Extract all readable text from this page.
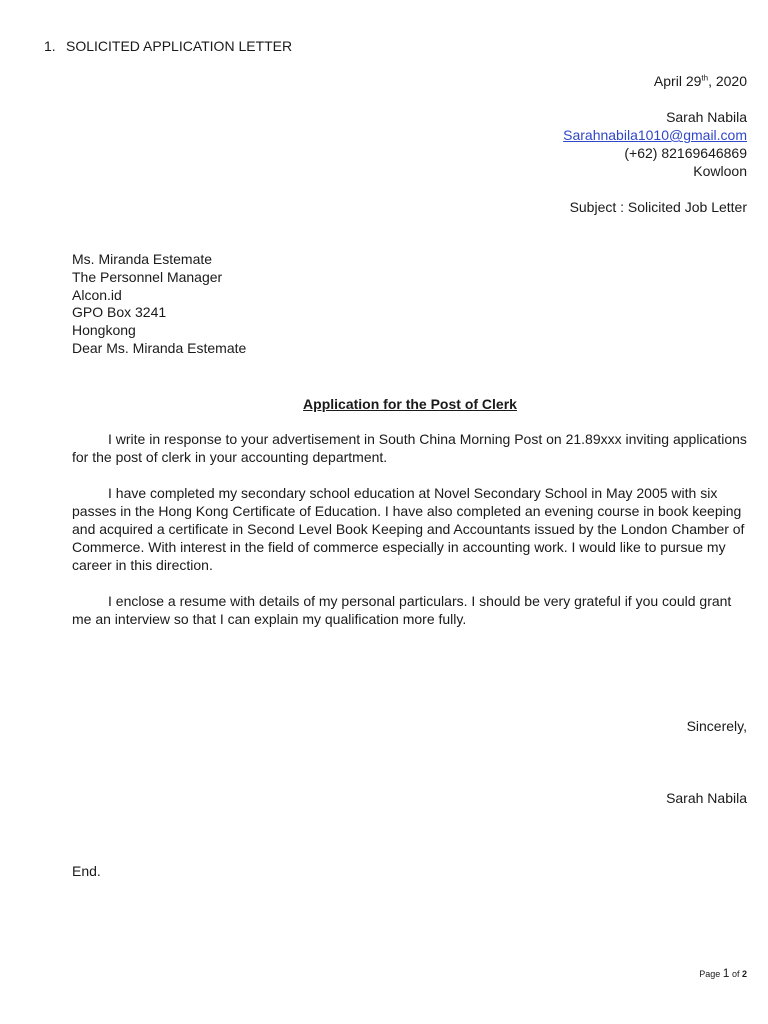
1. SOLICITED APPLICATION LETTER
April 29th, 2020
Sarah Nabila
Sarahnabila1010@gmail.com
(+62) 82169646869
Kowloon
Subject : Solicited Job Letter
Ms. Miranda Estemate
The Personnel Manager
Alcon.id
GPO Box 3241
Hongkong
Dear Ms. Miranda Estemate
Application for the Post of Clerk

I write in response to your advertisement in South China Morning Post on 21.89xxx inviting applications for the post of clerk in your accounting department.

I have completed my secondary school education at Novel Secondary School in May 2005 with six passes in the Hong Kong Certificate of Education. I have also completed an evening course in book keeping and acquired a certificate in Second Level Book Keeping and Accountants issued by the London Chamber of Commerce. With interest in the field of commerce especially in accounting work. I would like to pursue my career in this direction.

I enclose a resume with details of my personal particulars. I should be very grateful if you could grant me an interview so that I can explain my qualification more fully.

Sincerely,
Sarah Nabila
End.
Page 1 of 2
